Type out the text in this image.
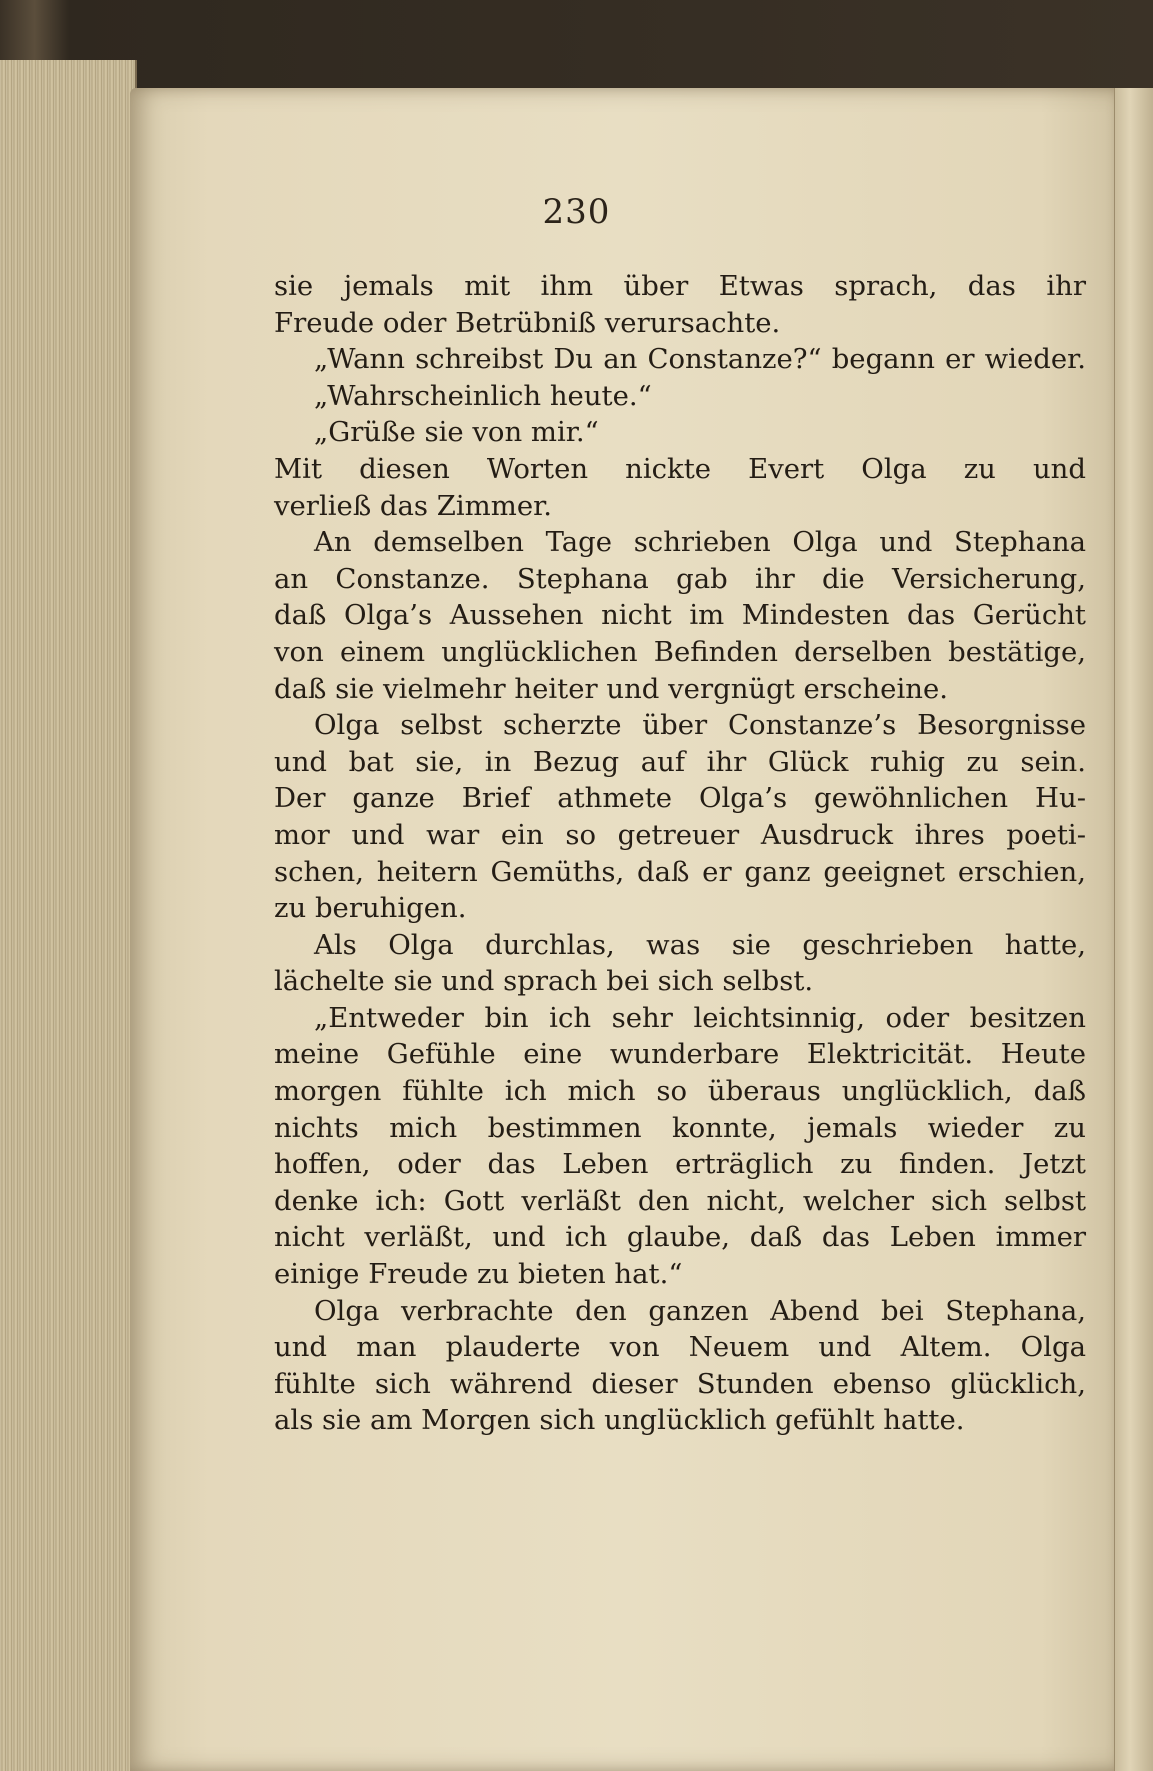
230
sie jemals mit ihm über Etwas sprach, das ihr
Freude oder Betrübniß verursachte.
„Wann schreibst Du an Constanze?“ begann er wieder.
„Wahrscheinlich heute.“
„Grüße sie von mir.“
Mit diesen Worten nickte Evert Olga zu und
verließ das Zimmer.
An demselben Tage schrieben Olga und Stephana
an Constanze. Stephana gab ihr die Versicherung,
daß Olga’s Aussehen nicht im Mindesten das Gerücht
von einem unglücklichen Befinden derselben bestätige,
daß sie vielmehr heiter und vergnügt erscheine.
Olga selbst scherzte über Constanze’s Besorgnisse
und bat sie, in Bezug auf ihr Glück ruhig zu sein.
Der ganze Brief athmete Olga’s gewöhnlichen Hu-
mor und war ein so getreuer Ausdruck ihres poeti-
schen, heitern Gemüths, daß er ganz geeignet erschien,
zu beruhigen.
Als Olga durchlas, was sie geschrieben hatte,
lächelte sie und sprach bei sich selbst.
„Entweder bin ich sehr leichtsinnig, oder besitzen
meine Gefühle eine wunderbare Elektricität. Heute
morgen fühlte ich mich so überaus unglücklich, daß
nichts mich bestimmen konnte, jemals wieder zu
hoffen, oder das Leben erträglich zu finden. Jetzt
denke ich: Gott verläßt den nicht, welcher sich selbst
nicht verläßt, und ich glaube, daß das Leben immer
einige Freude zu bieten hat.“
Olga verbrachte den ganzen Abend bei Stephana,
und man plauderte von Neuem und Altem. Olga
fühlte sich während dieser Stunden ebenso glücklich,
als sie am Morgen sich unglücklich gefühlt hatte.
